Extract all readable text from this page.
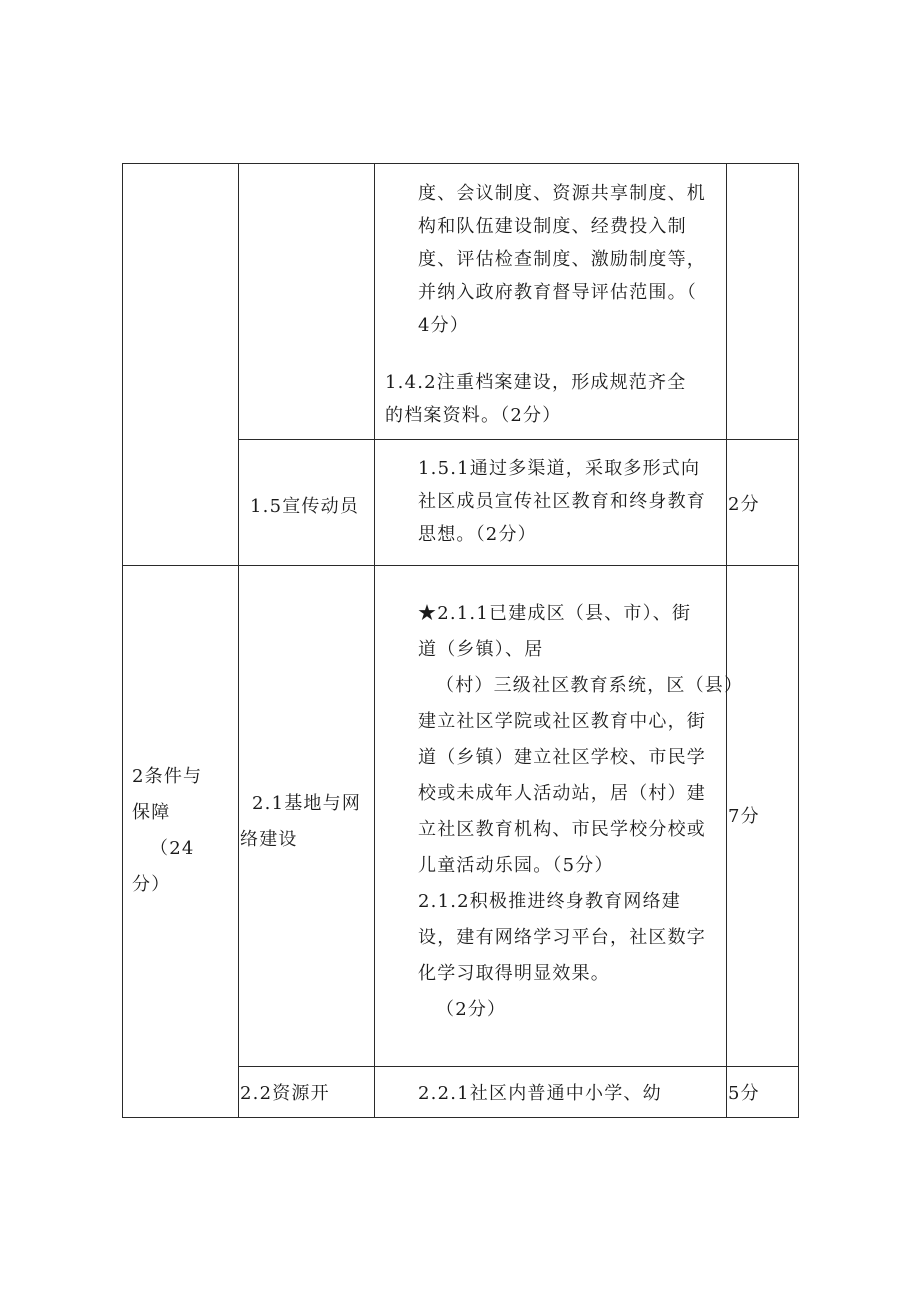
度、会议制度、资源共享制度、机
构和队伍建设制度、经费投入制
度、评估检查制度、激励制度等，
并纳入政府教育督导评估范围。（
4分）
1.4.2注重档案建设，形成规范齐全
的档案资料。（2分）
1.5宣传动员
1.5.1通过多渠道，采取多形式向
社区成员宣传社区教育和终身教育
思想。（2分）
2分
2条件与
保障
（24
分）
2.1基地与网
络建设
★2.1.1已建成区（县、市）、街
道（乡镇）、居
（村）三级社区教育系统，区（县）
建立社区学院或社区教育中心，街
道（乡镇）建立社区学校、市民学
校或未成年人活动站，居（村）建
立社区教育机构、市民学校分校或
儿童活动乐园。（5分）
2.1.2积极推进终身教育网络建
设，建有网络学习平台，社区数字
化学习取得明显效果。
（2分）
7分
2.2资源开	2.2.1社区内普通中小学、幼	5分
